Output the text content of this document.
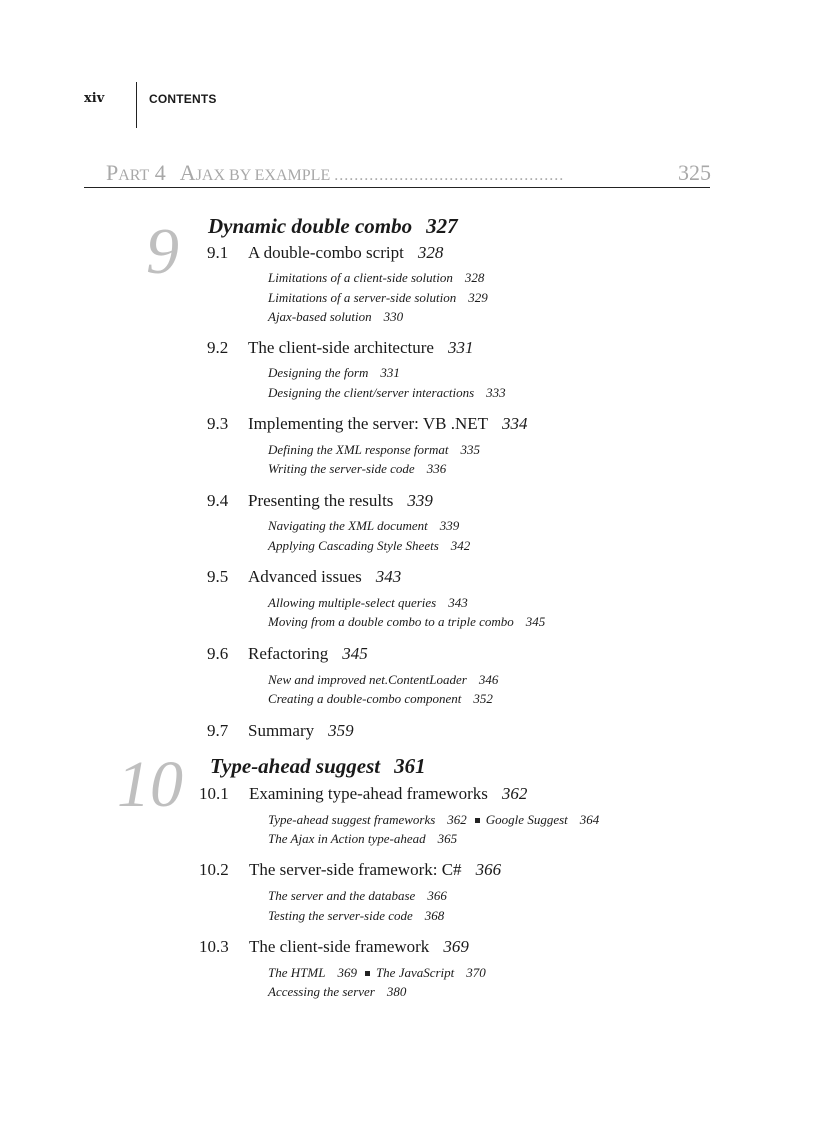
xiv	CONTENTS
PART 4 AJAX BY EXAMPLE ..............................................	325
9 Dynamic double combo 327
9.1 A double-combo script 328
Limitations of a client-side solution 328
Limitations of a server-side solution 329
Ajax-based solution 330
9.2 The client-side architecture 331
Designing the form 331
Designing the client/server interactions 333
9.3 Implementing the server: VB .NET 334
Defining the XML response format 335
Writing the server-side code 336
9.4 Presenting the results 339
Navigating the XML document 339
Applying Cascading Style Sheets 342
9.5 Advanced issues 343
Allowing multiple-select queries 343
Moving from a double combo to a triple combo 345
9.6 Refactoring 345
New and improved net.ContentLoader 346
Creating a double-combo component 352
9.7 Summary 359
10 Type-ahead suggest 361
10.1 Examining type-ahead frameworks 362
Type-ahead suggest frameworks 362 Google Suggest 364
The Ajax in Action type-ahead 365
10.2 The server-side framework: C# 366
The server and the database 366
Testing the server-side code 368
10.3 The client-side framework 369
The HTML 369 The JavaScript 370
Accessing the server 380
